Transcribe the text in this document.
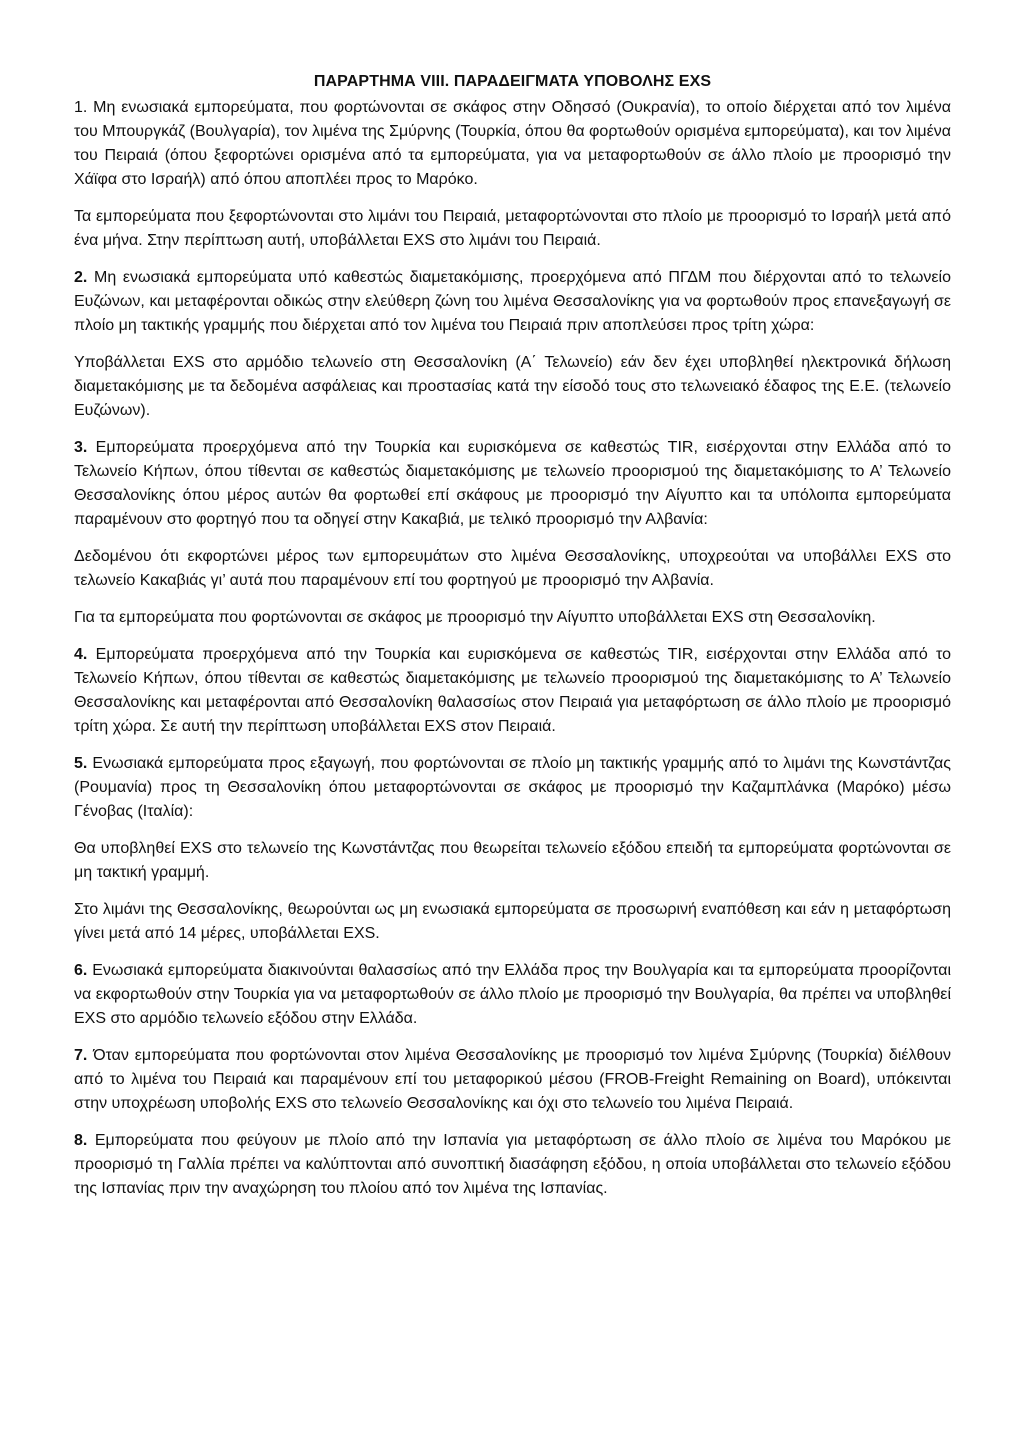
ΠΑΡΑΡΤΗΜΑ VIII. ΠΑΡΑΔΕΙΓΜΑΤΑ ΥΠΟΒΟΛΗΣ EXS

1. Μη ενωσιακά εμπορεύματα, που φορτώνονται σε σκάφος στην Οδησσό (Ουκρανία), το οποίο διέρχεται από τον λιμένα του Μπουργκάζ (Βουλγαρία), τον λιμένα της Σμύρνης (Τουρκία, όπου θα φορτωθούν ορισμένα εμπορεύματα), και τον λιμένα του Πειραιά (όπου ξεφορτώνει ορισμένα από τα εμπορεύματα, για να μεταφορτωθούν σε άλλο πλοίο με προορισμό την Χάϊφα στο Ισραήλ) από όπου αποπλέει προς το Μαρόκο.

Τα εμπορεύματα που ξεφορτώνονται στο λιμάνι του Πειραιά, μεταφορτώνονται στο πλοίο με προορισμό το Ισραήλ μετά από ένα μήνα. Στην περίπτωση αυτή, υποβάλλεται EXS στο λιμάνι του Πειραιά.

2. Μη ενωσιακά εμπορεύματα υπό καθεστώς διαμετακόμισης, προερχόμενα από ΠΓΔΜ που διέρχονται από το τελωνείο Ευζώνων, και μεταφέρονται οδικώς στην ελεύθερη ζώνη του λιμένα Θεσσαλονίκης για να φορτωθούν προς επανεξαγωγή σε πλοίο μη τακτικής γραμμής που διέρχεται από τον λιμένα του Πειραιά πριν αποπλεύσει προς τρίτη χώρα:

Υποβάλλεται EXS στο αρμόδιο τελωνείο στη Θεσσαλονίκη (Α΄ Τελωνείο) εάν δεν έχει υποβληθεί ηλεκτρονικά δήλωση διαμετακόμισης με τα δεδομένα ασφάλειας και προστασίας κατά την είσοδό τους στο τελωνειακό έδαφος της Ε.Ε. (τελωνείο Ευζώνων).

3. Εμπορεύματα προερχόμενα από την Τουρκία και ευρισκόμενα σε καθεστώς TIR, εισέρχονται στην Ελλάδα από το Τελωνείο Κήπων, όπου τίθενται σε καθεστώς διαμετακόμισης με τελωνείο προορισμού της διαμετακόμισης το Α’ Τελωνείο Θεσσαλονίκης όπου μέρος αυτών θα φορτωθεί επί σκάφους με προορισμό την Αίγυπτο και τα υπόλοιπα εμπορεύματα παραμένουν στο φορτηγό που τα οδηγεί στην Κακαβιά, με τελικό προορισμό την Αλβανία:

Δεδομένου ότι εκφορτώνει μέρος των εμπορευμάτων στο λιμένα Θεσσαλονίκης, υποχρεούται να υποβάλλει EXS στο τελωνείο Κακαβιάς γι’ αυτά που παραμένουν επί του φορτηγού με προορισμό την Αλβανία.

Για τα εμπορεύματα που φορτώνονται σε σκάφος με προορισμό την Αίγυπτο υποβάλλεται EXS στη Θεσσαλονίκη.

4. Εμπορεύματα προερχόμενα από την Τουρκία και ευρισκόμενα σε καθεστώς TIR, εισέρχονται στην Ελλάδα από το Τελωνείο Κήπων, όπου τίθενται σε καθεστώς διαμετακόμισης με τελωνείο προορισμού της διαμετακόμισης το Α’ Τελωνείο Θεσσαλονίκης και μεταφέρονται από Θεσσαλονίκη θαλασσίως στον Πειραιά για μεταφόρτωση σε άλλο πλοίο με προορισμό τρίτη χώρα. Σε αυτή την περίπτωση υποβάλλεται EXS στον Πειραιά.

5. Ενωσιακά εμπορεύματα προς εξαγωγή, που φορτώνονται σε πλοίο μη τακτικής γραμμής από το λιμάνι της Κωνστάντζας (Ρουμανία) προς τη Θεσσαλονίκη όπου μεταφορτώνονται σε σκάφος με προορισμό την Καζαμπλάνκα (Μαρόκο) μέσω Γένοβας (Ιταλία):

Θα υποβληθεί EXS στο τελωνείο της Κωνστάντζας που θεωρείται τελωνείο εξόδου επειδή τα εμπορεύματα φορτώνονται σε μη τακτική γραμμή.

Στο λιμάνι της Θεσσαλονίκης, θεωρούνται ως μη ενωσιακά εμπορεύματα σε προσωρινή εναπόθεση και εάν η μεταφόρτωση γίνει μετά από 14 μέρες, υποβάλλεται EXS.

6. Ενωσιακά εμπορεύματα διακινούνται θαλασσίως από την Ελλάδα προς την Βουλγαρία και τα εμπορεύματα προορίζονται να εκφορτωθούν στην Τουρκία για να μεταφορτωθούν σε άλλο πλοίο με προορισμό την Βουλγαρία, θα πρέπει να υποβληθεί EXS στο αρμόδιο τελωνείο εξόδου στην Ελλάδα.

7. Όταν εμπορεύματα που φορτώνονται στον λιμένα Θεσσαλονίκης με προορισμό τον λιμένα Σμύρνης (Τουρκία) διέλθουν από το λιμένα του Πειραιά και παραμένουν επί του μεταφορικού μέσου (FROB-Freight Remaining on Board), υπόκεινται στην υποχρέωση υποβολής EXS στο τελωνείο Θεσσαλονίκης και όχι στο τελωνείο του λιμένα Πειραιά.

8. Εμπορεύματα που φεύγουν με πλοίο από την Ισπανία για μεταφόρτωση σε άλλο πλοίο σε λιμένα του Μαρόκου με προορισμό τη Γαλλία πρέπει να καλύπτονται από συνοπτική διασάφηση εξόδου, η οποία υποβάλλεται στο τελωνείο εξόδου της Ισπανίας πριν την αναχώρηση του πλοίου από τον λιμένα της Ισπανίας.
